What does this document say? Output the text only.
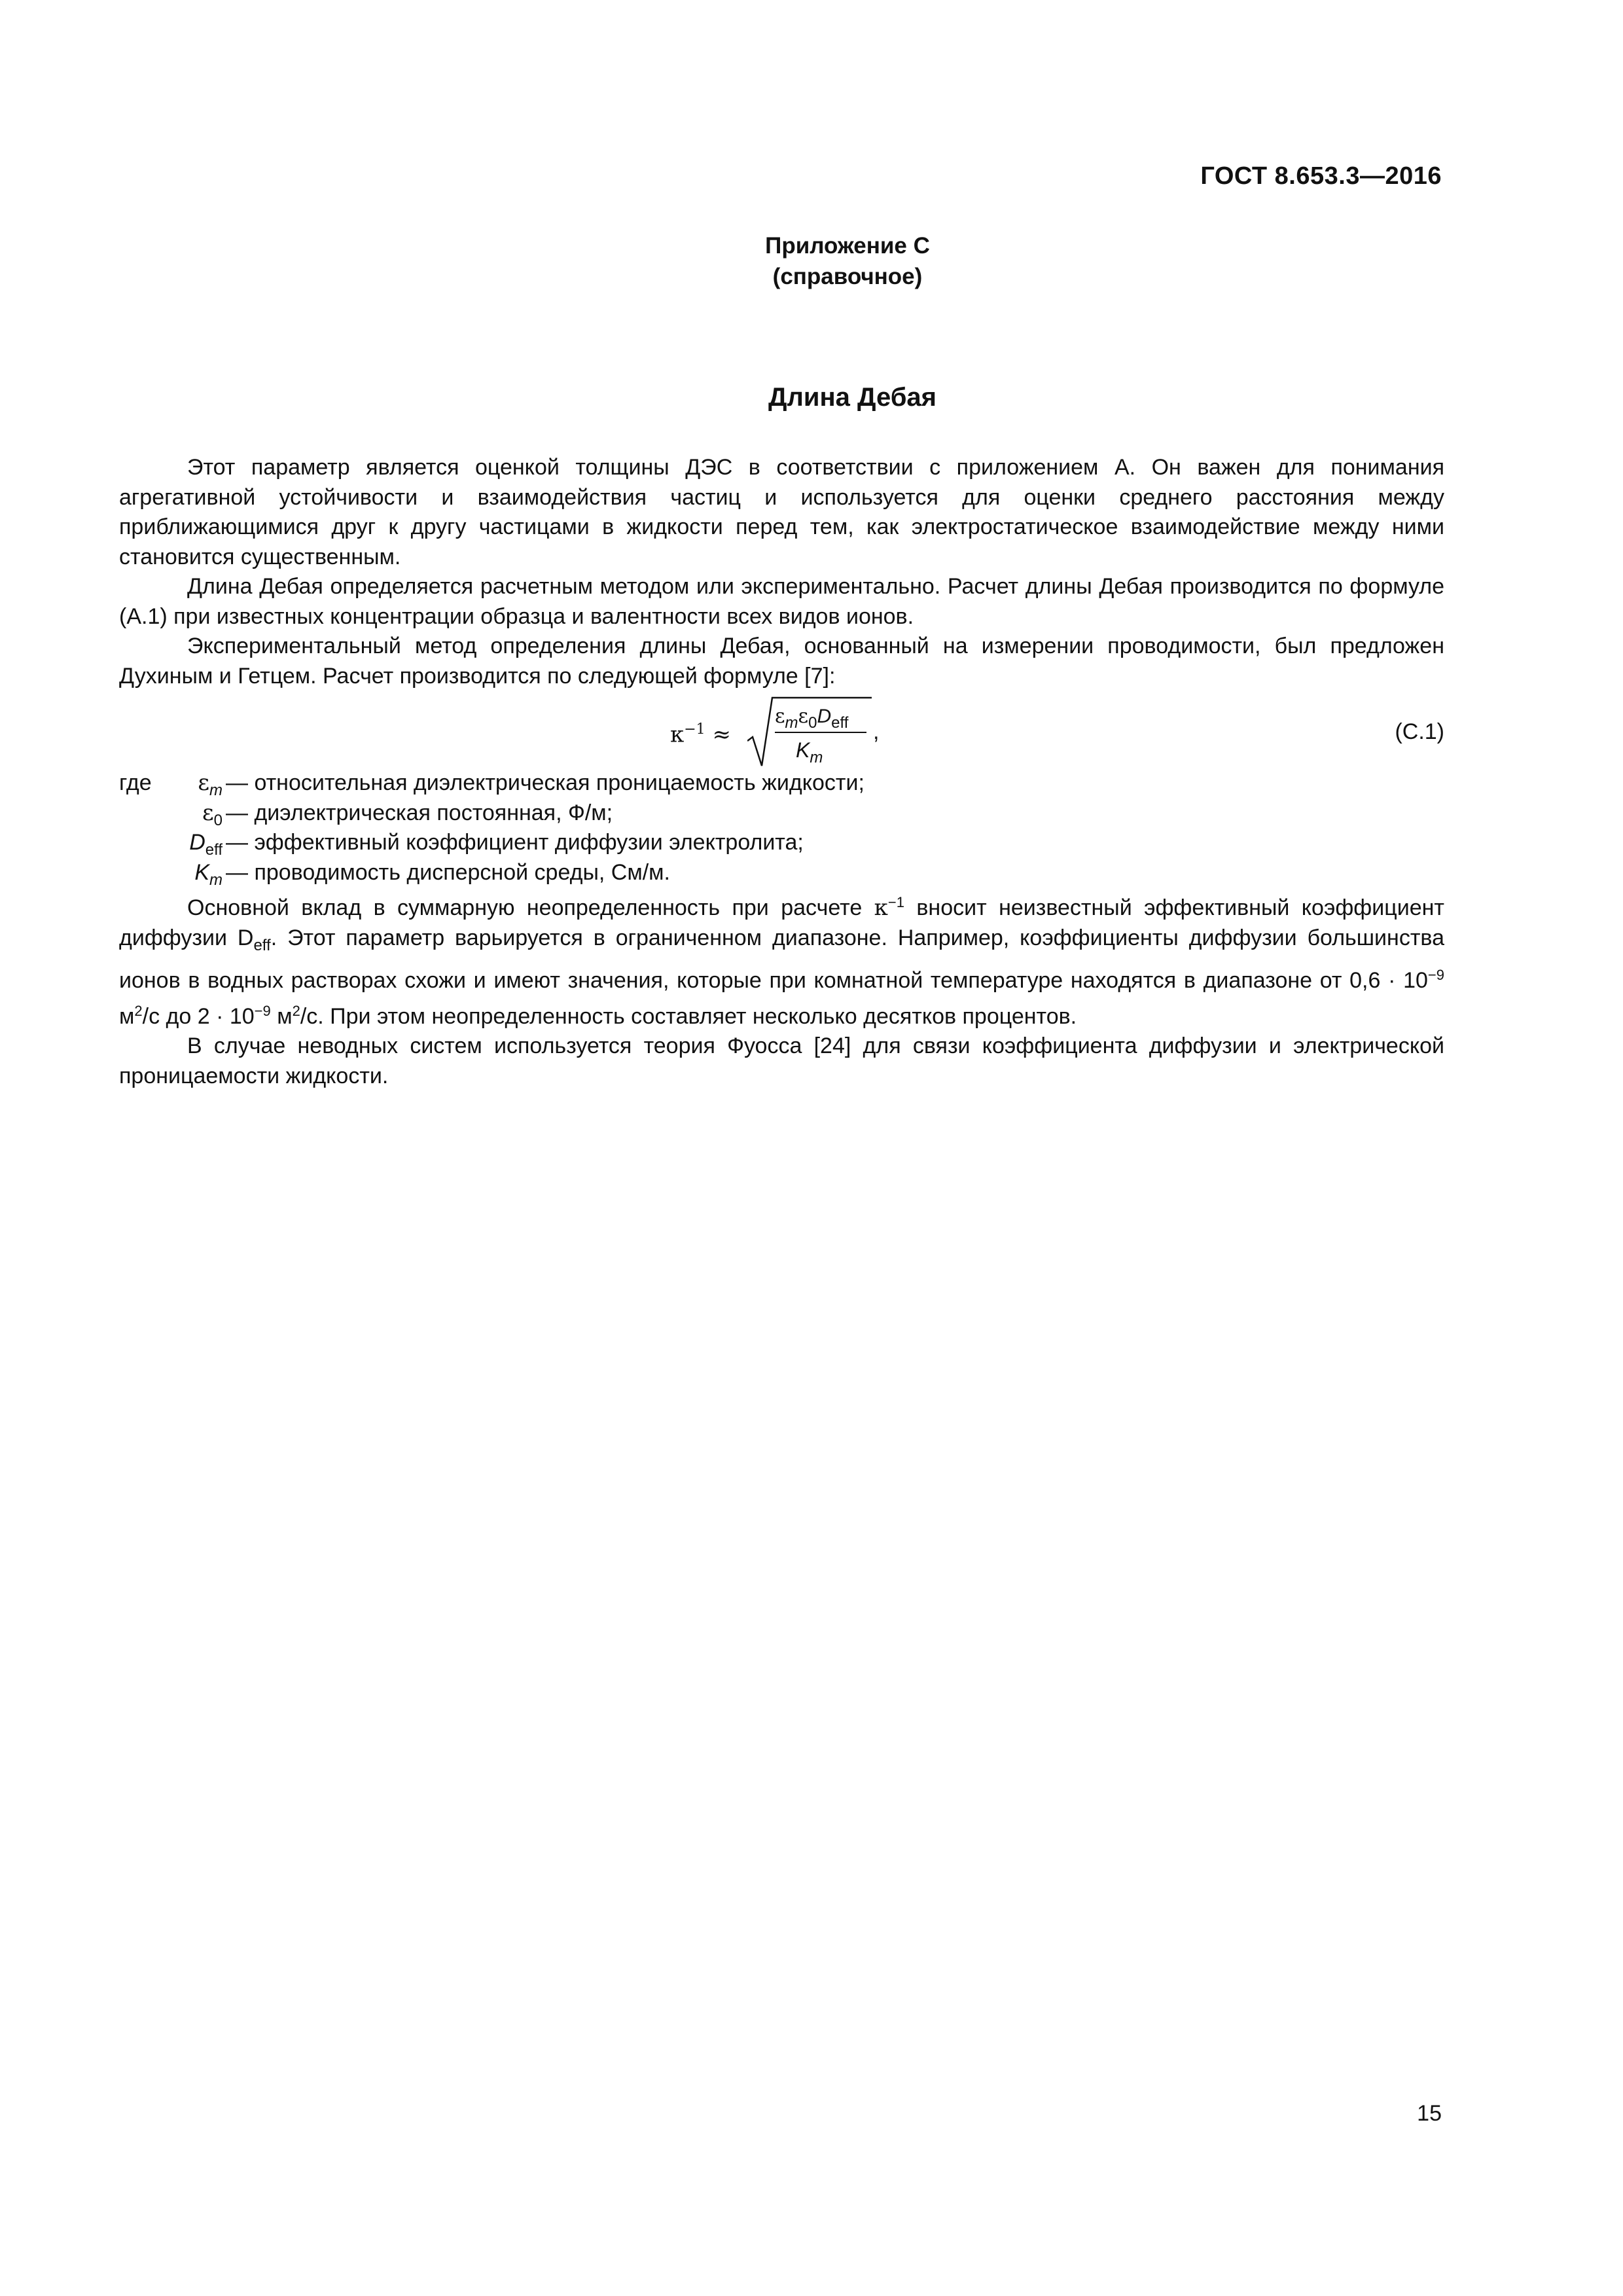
ГОСТ 8.653.3—2016
Приложение С
(справочное)
Длина Дебая

Этот параметр является оценкой толщины ДЭС в соответствии с приложением А. Он важен для понимания агрегативной устойчивости и взаимодействия частиц и используется для оценки среднего расстояния между приближающимися друг к другу частицами в жидкости перед тем, как электростатическое взаимодействие между ними становится существенным.

Длина Дебая определяется расчетным методом или экспериментально. Расчет длины Дебая производится по формуле (А.1) при известных концентрации образца и валентности всех видов ионов.

Экспериментальный метод определения длины Дебая, основанный на измерении проводимости, был предложен Духиным и Гетцем. Расчет производится по следующей формуле [7]:

$\kappa^{-1}$ ≈
$\varepsilon_m\varepsilon_0D_{eff}$
$K_m$
,	(С.1)
где $\varepsilon_m$ — относительная диэлектрическая проницаемость жидкости;
$\varepsilon_0$ — диэлектрическая постоянная, Ф/м;
$D_{eff}$ — эффективный коэффициент диффузии электролита;
$K_m$ — проводимость дисперсной среды, См/м.

Основной вклад в суммарную неопределенность при расчете $\kappa^{-1}$ вносит неизвестный эффективный коэффициент диффузии $D_{eff}$. Этот параметр варьируется в ограниченном диапазоне. Например, коэффициенты диффузии большинства ионов в водных растворах схожи и имеют значения, которые при комнатной температуре находятся в диапазоне от $0,6 \cdot 10^{-9}$ $м^2/с$ до $2 \cdot 10^{-9}$ $м^2/с$. При этом неопределенность составляет несколько десятков процентов.

В случае неводных систем используется теория Фуосса [24] для связи коэффициента диффузии и электрической проницаемости жидкости.

15
